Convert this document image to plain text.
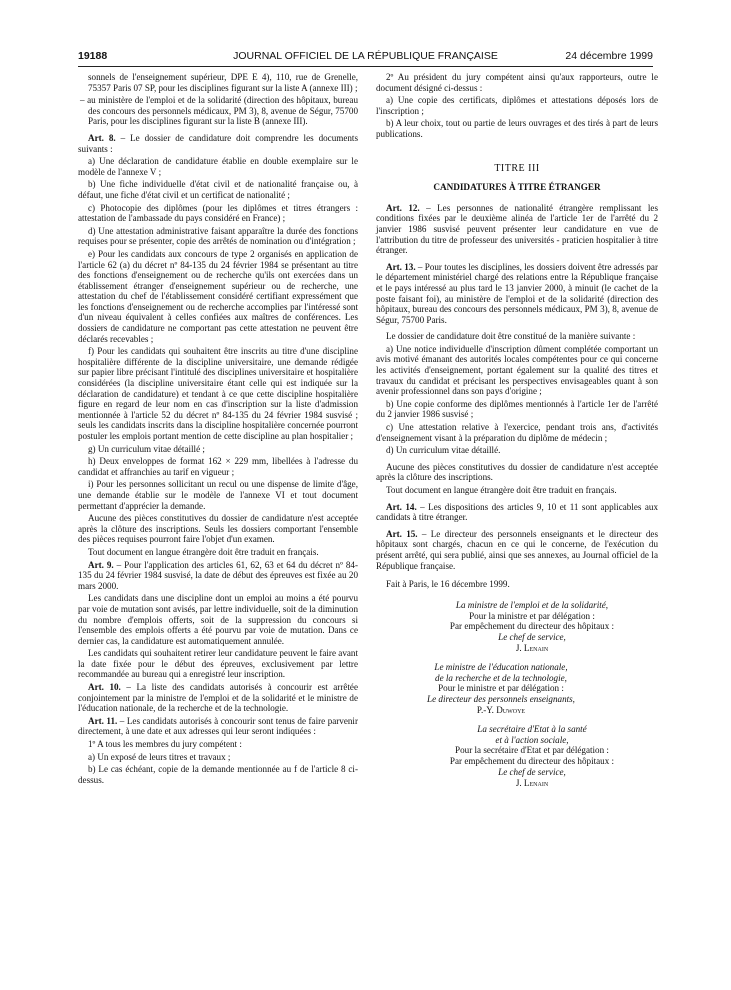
19188	JOURNAL OFFICIEL DE LA RÉPUBLIQUE FRANÇAISE	24 décembre 1999

sonnels de l'enseignement supérieur, DPE E 4), 110, rue de Grenelle, 75357 Paris 07 SP, pour les disciplines figurant sur la liste A (annexe III) ;

– au ministère de l'emploi et de la solidarité (direction des hôpitaux, bureau des concours des personnels médicaux, PM 3), 8, avenue de Ségur, 75700 Paris, pour les disciplines figurant sur la liste B (annexe III).

Art. 8. – Le dossier de candidature doit comprendre les documents suivants :

a) Une déclaration de candidature établie en double exemplaire sur le modèle de l'annexe V ;

b) Une fiche individuelle d'état civil et de nationalité française ou, à défaut, une fiche d'état civil et un certificat de nationalité ;

c) Photocopie des diplômes (pour les diplômes et titres étrangers : attestation de l'ambassade du pays considéré en France) ;

d) Une attestation administrative faisant apparaître la durée des fonctions requises pour se présenter, copie des arrêtés de nomination ou d'intégration ;

e) Pour les candidats aux concours de type 2 organisés en application de l'article 62 (a) du décret nº 84-135 du 24 février 1984 se présentant au titre des fonctions d'enseignement ou de recherche qu'ils ont exercées dans un établissement étranger d'enseignement supérieur ou de recherche, une attestation du chef de l'établissement considéré certifiant expressément que les fonctions d'enseignement ou de recherche accomplies par l'intéressé sont d'un niveau équivalent à celles confiées aux maîtres de conférences. Les dossiers de candidature ne comportant pas cette attestation ne peuvent être déclarés recevables ;

f) Pour les candidats qui souhaitent être inscrits au titre d'une discipline hospitalière différente de la discipline universitaire, une demande rédigée sur papier libre précisant l'intitulé des disciplines universitaire et hospitalière considérées (la discipline universitaire étant celle qui est indiquée sur la déclaration de candidature) et tendant à ce que cette discipline hospitalière figure en regard de leur nom en cas d'inscription sur la liste d'admission mentionnée à l'article 52 du décret nº 84-135 du 24 février 1984 susvisé ; seuls les candidats inscrits dans la discipline hospitalière concernée pourront postuler les emplois portant mention de cette discipline au plan hospitalier ;

g) Un curriculum vitae détaillé ;

h) Deux enveloppes de format 162 × 229 mm, libellées à l'adresse du candidat et affranchies au tarif en vigueur ;

i) Pour les personnes sollicitant un recul ou une dispense de limite d'âge, une demande établie sur le modèle de l'annexe VI et tout document permettant d'apprécier la demande.

Aucune des pièces constitutives du dossier de candidature n'est acceptée après la clôture des inscriptions. Seuls les dossiers comportant l'ensemble des pièces requises pourront faire l'objet d'un examen.

Tout document en langue étrangère doit être traduit en français.

Art. 9. – Pour l'application des articles 61, 62, 63 et 64 du décret nº 84-135 du 24 février 1984 susvisé, la date de début des épreuves est fixée au 20 mars 2000.

Les candidats dans une discipline dont un emploi au moins a été pourvu par voie de mutation sont avisés, par lettre individuelle, soit de la diminution du nombre d'emplois offerts, soit de la suppression du concours si l'ensemble des emplois offerts a été pourvu par voie de mutation. Dans ce dernier cas, la candidature est automatiquement annulée.

Les candidats qui souhaitent retirer leur candidature peuvent le faire avant la date fixée pour le début des épreuves, exclusivement par lettre recommandée au bureau qui a enregistré leur inscription.

Art. 10. – La liste des candidats autorisés à concourir est arrêtée conjointement par la ministre de l'emploi et de la solidarité et le ministre de l'éducation nationale, de la recherche et de la technologie.

Art. 11. – Les candidats autorisés à concourir sont tenus de faire parvenir directement, à une date et aux adresses qui leur seront indiquées :

1º A tous les membres du jury compétent :

a) Un exposé de leurs titres et travaux ;

b) Le cas échéant, copie de la demande mentionnée au f de l'article 8 ci-dessus.

2º Au président du jury compétent ainsi qu'aux rapporteurs, outre le document désigné ci-dessus :

a) Une copie des certificats, diplômes et attestations déposés lors de l'inscription ;

b) A leur choix, tout ou partie de leurs ouvrages et des tirés à part de leurs publications.

TITRE III
CANDIDATURES À TITRE ÉTRANGER

Art. 12. – Les personnes de nationalité étrangère remplissant les conditions fixées par le deuxième alinéa de l'article 1er de l'arrêté du 2 janvier 1986 susvisé peuvent présenter leur candidature en vue de l'attribution du titre de professeur des universités - praticien hospitalier à titre étranger.

Art. 13. – Pour toutes les disciplines, les dossiers doivent être adressés par le département ministériel chargé des relations entre la République française et le pays intéressé au plus tard le 13 janvier 2000, à minuit (le cachet de la poste faisant foi), au ministère de l'emploi et de la solidarité (direction des hôpitaux, bureau des concours des personnels médicaux, PM 3), 8, avenue de Ségur, 75700 Paris.

Le dossier de candidature doit être constitué de la manière suivante :

a) Une notice individuelle d'inscription dûment complétée comportant un avis motivé émanant des autorités locales compétentes pour ce qui concerne les activités d'enseignement, portant également sur la qualité des titres et travaux du candidat et précisant les perspectives envisageables quant à son avenir professionnel dans son pays d'origine ;

b) Une copie conforme des diplômes mentionnés à l'article 1er de l'arrêté du 2 janvier 1986 susvisé ;

c) Une attestation relative à l'exercice, pendant trois ans, d'activités d'enseignement visant à la préparation du diplôme de médecin ;

d) Un curriculum vitae détaillé.

Aucune des pièces constitutives du dossier de candidature n'est acceptée après la clôture des inscriptions.

Tout document en langue étrangère doit être traduit en français.

Art. 14. – Les dispositions des articles 9, 10 et 11 sont applicables aux candidats à titre étranger.

Art. 15. – Le directeur des personnels enseignants et le directeur des hôpitaux sont chargés, chacun en ce qui le concerne, de l'exécution du présent arrêté, qui sera publié, ainsi que ses annexes, au Journal officiel de la République française.

Fait à Paris, le 16 décembre 1999.

La ministre de l'emploi et de la solidarité,
Pour la ministre et par délégation :
Par empêchement du directeur des hôpitaux :
Le chef de service,
J. Lenain
Le ministre de l'éducation nationale,
de la recherche et de la technologie,
Pour le ministre et par délégation :
Le directeur des personnels enseignants,
P.-Y. Duwoye
La secrétaire d'Etat à la santé
et à l'action sociale,
Pour la secrétaire d'Etat et par délégation :
Par empêchement du directeur des hôpitaux :
Le chef de service,
J. Lenain
